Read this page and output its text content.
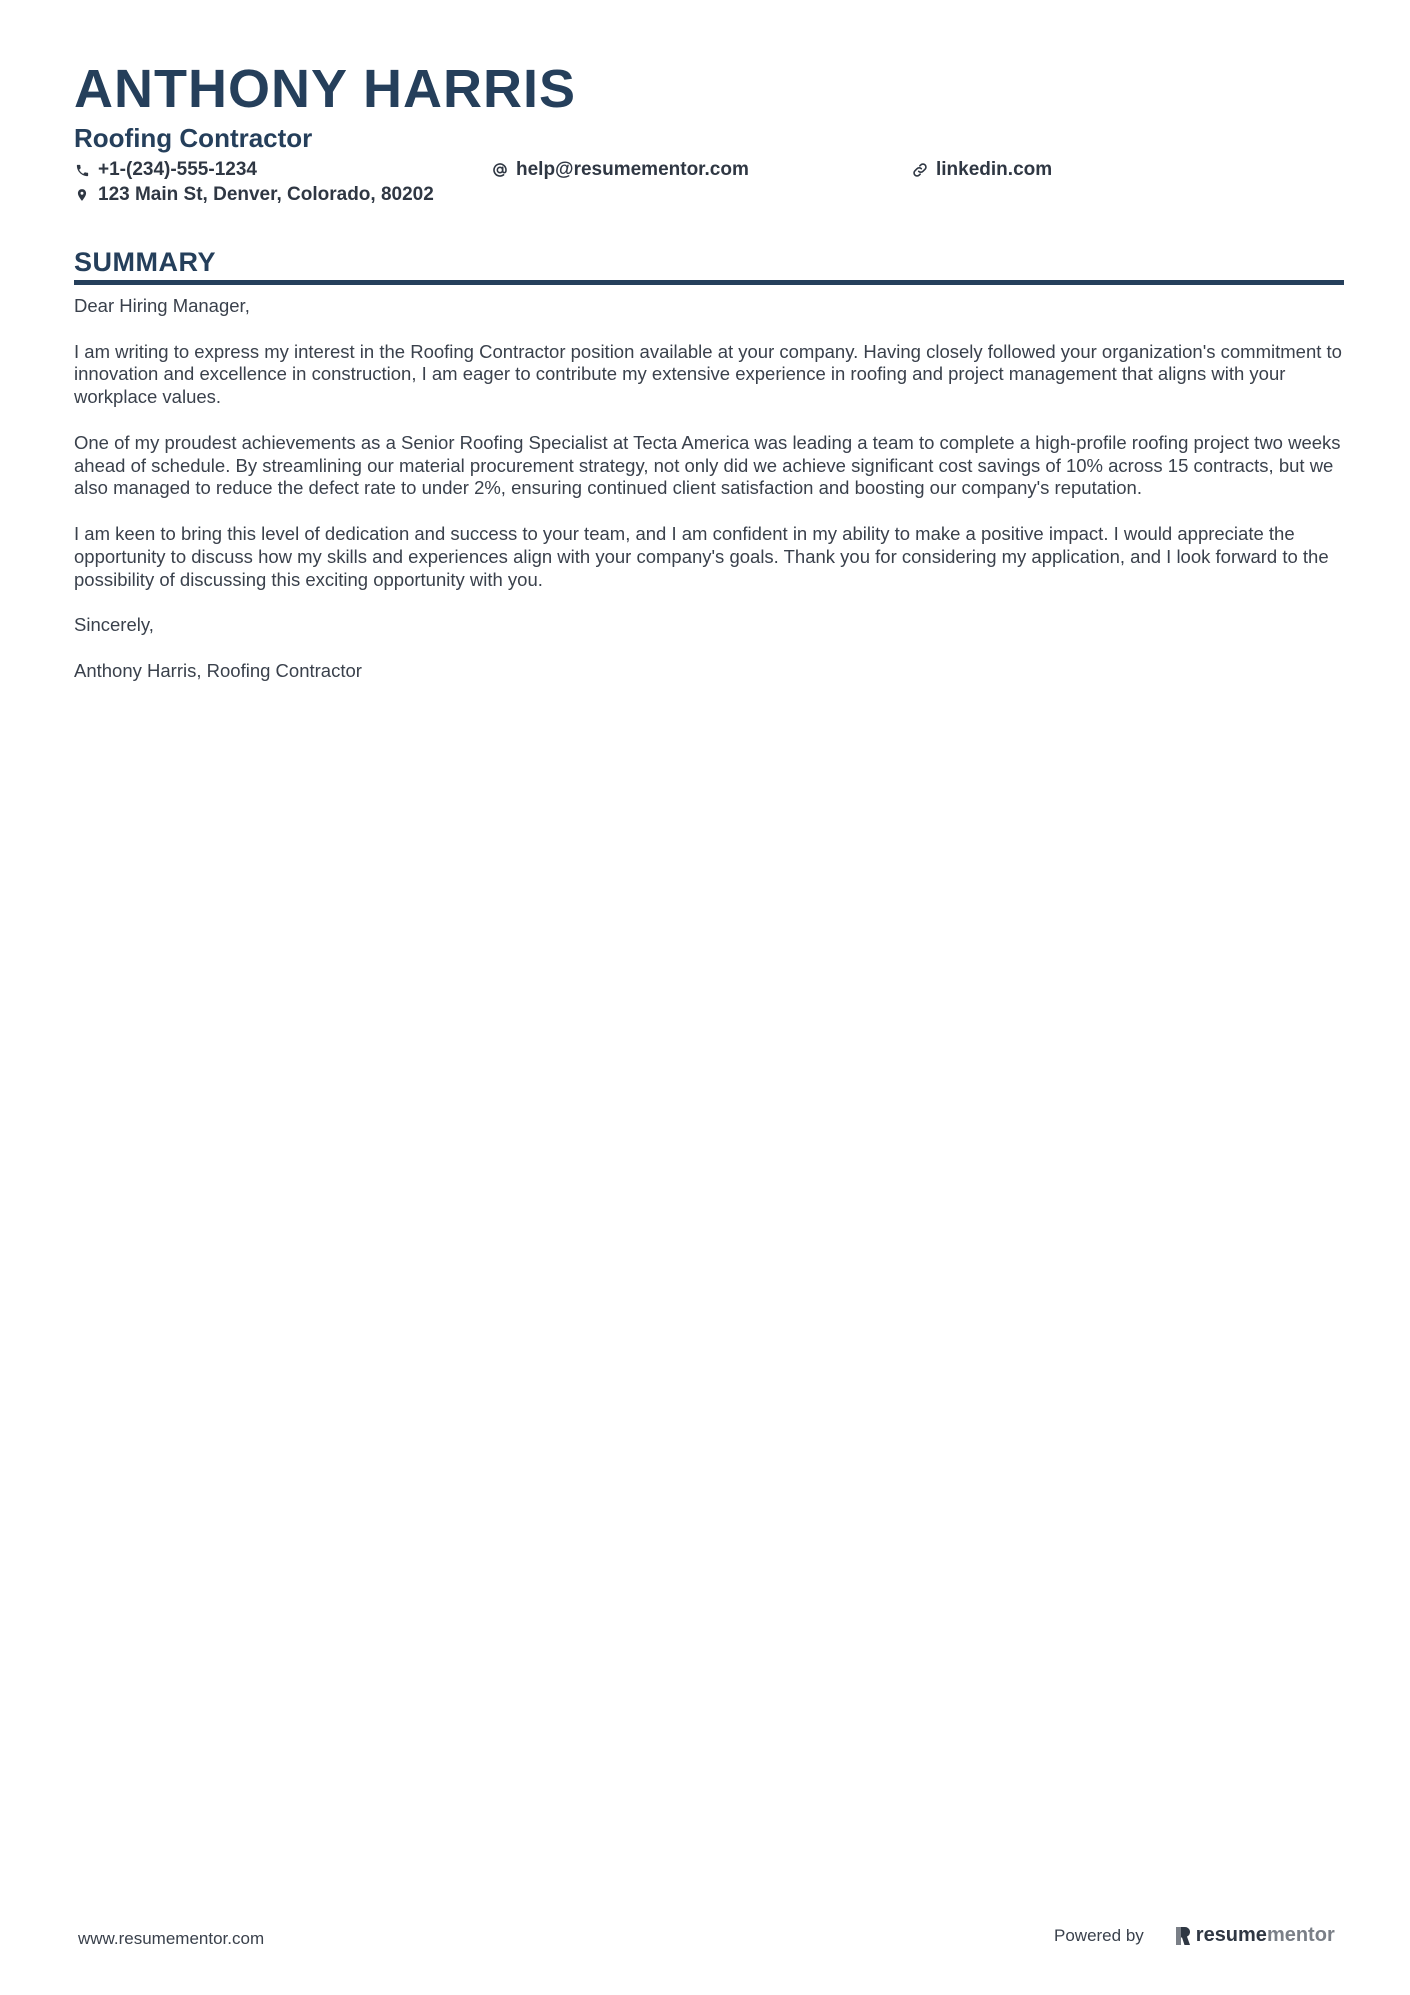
ANTHONY HARRIS
Roofing Contractor
+1-(234)-555-1234	help@resumementor.com	linkedin.com
123 Main St, Denver, Colorado, 80202
SUMMARY

Dear Hiring Manager,

I am writing to express my interest in the Roofing Contractor position available at your company. Having closely followed your organization's commitment to innovation and excellence in construction, I am eager to contribute my extensive experience in roofing and project management that aligns with your workplace values.

One of my proudest achievements as a Senior Roofing Specialist at Tecta America was leading a team to complete a high-profile roofing project two weeks ahead of schedule. By streamlining our material procurement strategy, not only did we achieve significant cost savings of 10% across 15 contracts, but we also managed to reduce the defect rate to under 2%, ensuring continued client satisfaction and boosting our company's reputation.

I am keen to bring this level of dedication and success to your team, and I am confident in my ability to make a positive impact. I would appreciate the opportunity to discuss how my skills and experiences align with your company's goals. Thank you for considering my application, and I look forward to the possibility of discussing this exciting opportunity with you.

Sincerely,

Anthony Harris, Roofing Contractor

www.resumementor.com	Powered by	resume mentor
